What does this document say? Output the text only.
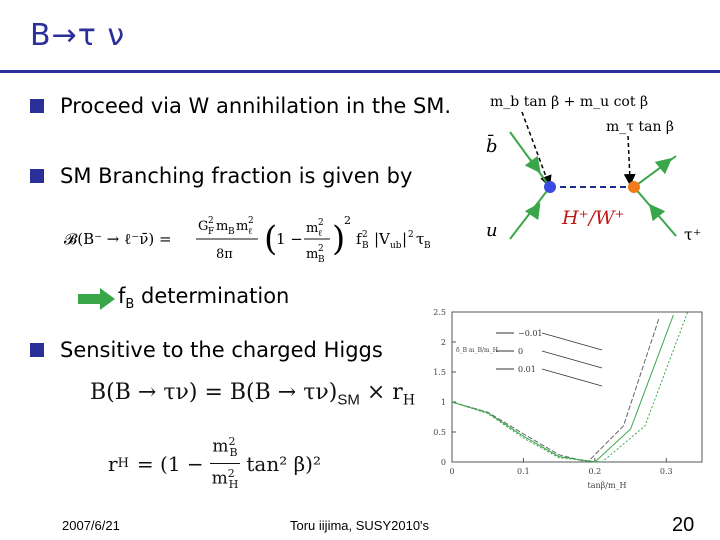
B→τ ν
Proceed via W annihilation in the SM.
SM Branching fraction is given by
Sensitive to the charged Higgs
𝓑(B⁻ → ℓ⁻ν̄) =
G 2
F m B m 2
ℓ
8π (
1 −
m 2
ℓ
m 2
B
)
2
f 2
B |V ub | 2 τ B
$f_B$ determination
$B(B \to \tau\nu) = B(B \to \tau\nu)_{SM} \times r_H$
r $H = (1 - \frac{m^2_B}{m^2_H} \tan^2$ β)²
m_b tan β + m_u cot β
m_τ tan β
b̄
u
H⁺/W⁺
τ⁺
0
0.5
1
1.5
2
2.5
0	0.1	0.2	0.3
tanβ/m_H
δ_B m_B/m_H
−0.01
0
0.01
2007/6/21	Toru iijima, SUSY2010's	20
